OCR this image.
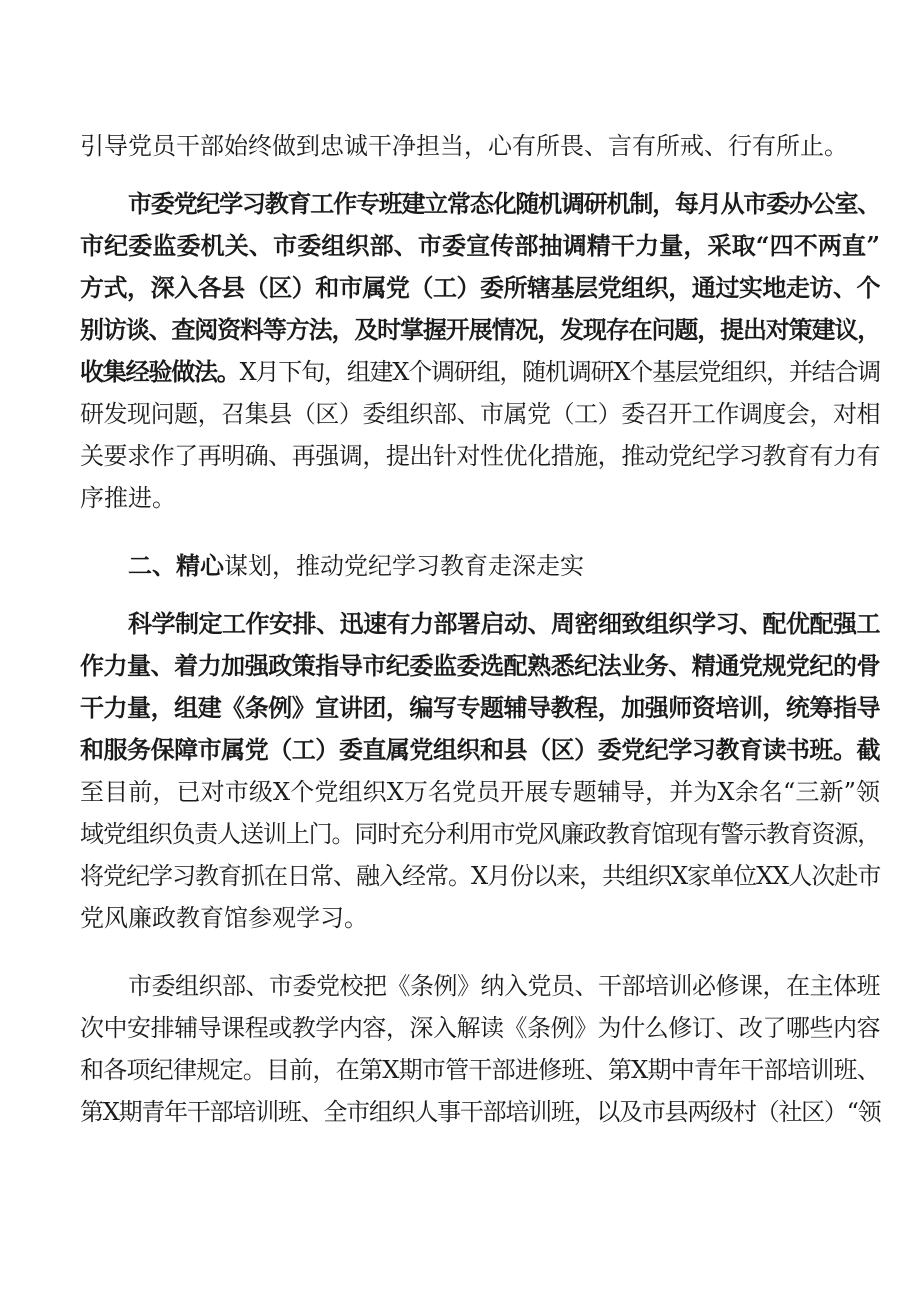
引导党员干部始终做到忠诚干净担当，心有所畏、言有所戒、行有所止。
市委党纪学习教育工作专班建立常态化随机调研机制，每月从市委办公室、
市纪委监委机关、市委组织部、市委宣传部抽调精干力量，采取“四不两直”
方式，深入各县（区）和市属党（工）委所辖基层党组织，通过实地走访、个
别访谈、查阅资料等方法，及时掌握开展情况，发现存在问题，提出对策建议，
收集经验做法。X月下旬，组建X个调研组，随机调研X个基层党组织，并结合调
研发现问题，召集县（区）委组织部、市属党（工）委召开工作调度会，对相
关要求作了再明确、再强调，提出针对性优化措施，推动党纪学习教育有力有
序推进。
二、精心谋划，推动党纪学习教育走深走实
科学制定工作安排、迅速有力部署启动、周密细致组织学习、配优配强工
作力量、着力加强政策指导市纪委监委选配熟悉纪法业务、精通党规党纪的骨
干力量，组建《条例》宣讲团，编写专题辅导教程，加强师资培训，统筹指导
和服务保障市属党（工）委直属党组织和县（区）委党纪学习教育读书班。截
至目前，已对市级X个党组织X万名党员开展专题辅导，并为X余名“三新”领
域党组织负责人送训上门。同时充分利用市党风廉政教育馆现有警示教育资源，
将党纪学习教育抓在日常、融入经常。X月份以来，共组织X家单位XX人次赴市
党风廉政教育馆参观学习。
市委组织部、市委党校把《条例》纳入党员、干部培训必修课，在主体班
次中安排辅导课程或教学内容，深入解读《条例》为什么修订、改了哪些内容
和各项纪律规定。目前，在第X期市管干部进修班、第X期中青年干部培训班、
第X期青年干部培训班、全市组织人事干部培训班，以及市县两级村（社区）“领
